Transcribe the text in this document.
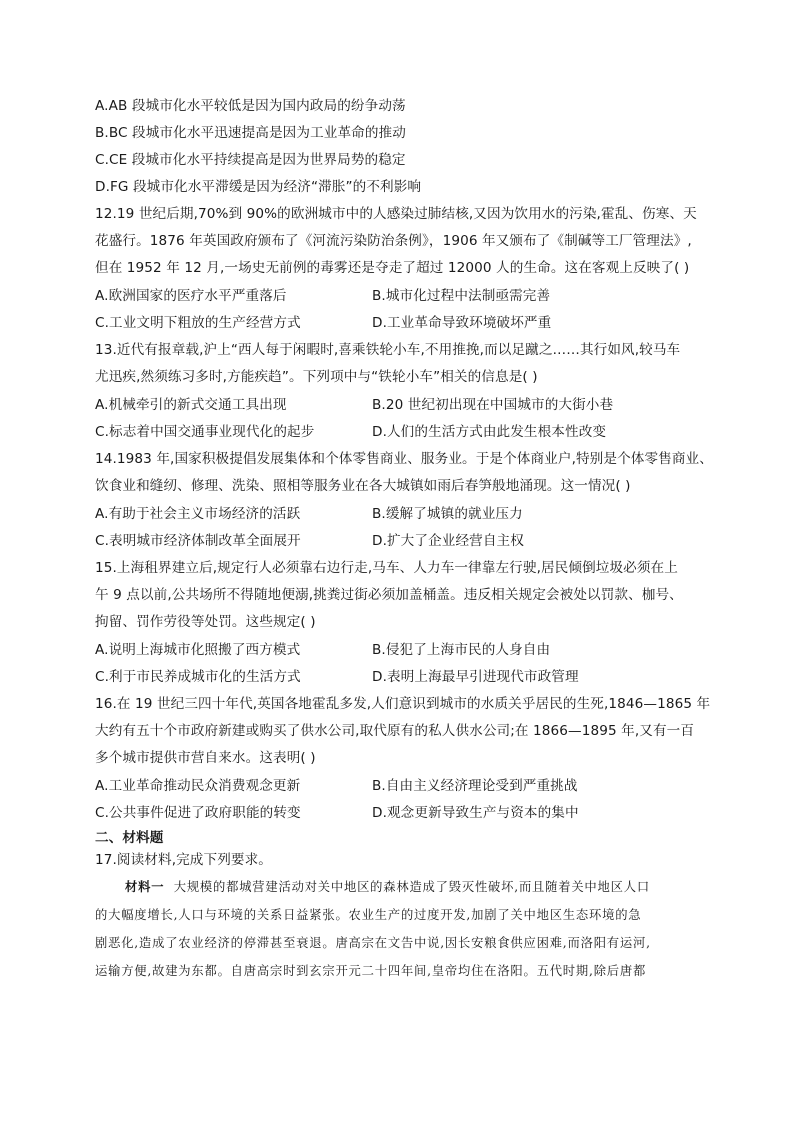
A.AB 段城市化水平较低是因为国内政局的纷争动荡
B.BC 段城市化水平迅速提高是因为工业革命的推动
C.CE 段城市化水平持续提高是因为世界局势的稳定
D.FG 段城市化水平滞缓是因为经济“滞胀”的不利影响
12.19 世纪后期,70%到 90%的欧洲城市中的人感染过肺结核,又因为饮用水的污染,霍乱、伤寒、天
花盛行。1876 年英国政府颁布了《河流污染防治条例》，1906 年又颁布了《制碱等工厂管理法》,
但在 1952 年 12 月,一场史无前例的毒雾还是夺走了超过 12000 人的生命。这在客观上反映了( )
A.欧洲国家的医疗水平严重落后	B.城市化过程中法制亟需完善
C.工业文明下粗放的生产经营方式	D.工业革命导致环境破坏严重
13.近代有报章载,沪上“西人每于闲暇时,喜乘铁轮小车,不用推挽,而以足蹴之……其行如风,较马车
尤迅疾,然须练习多时,方能疾趋”。下列项中与“铁轮小车”相关的信息是( )
A.机械牵引的新式交通工具出现	B.20 世纪初出现在中国城市的大街小巷
C.标志着中国交通事业现代化的起步	D.人们的生活方式由此发生根本性改变
14.1983 年,国家积极提倡发展集体和个体零售商业、服务业。于是个体商业户,特别是个体零售商业、
饮食业和缝纫、修理、洗染、照相等服务业在各大城镇如雨后春笋般地涌现。这一情况( )
A.有助于社会主义市场经济的活跃	B.缓解了城镇的就业压力
C.表明城市经济体制改革全面展开	D.扩大了企业经营自主权
15.上海租界建立后,规定行人必须靠右边行走,马车、人力车一律靠左行驶,居民倾倒垃圾必须在上
午 9 点以前,公共场所不得随地便溺,挑粪过街必须加盖桶盖。违反相关规定会被处以罚款、枷号、
拘留、罚作劳役等处罚。这些规定( )
A.说明上海城市化照搬了西方模式	B.侵犯了上海市民的人身自由
C.利于市民养成城市化的生活方式	D.表明上海最早引进现代市政管理
16.在 19 世纪三四十年代,英国各地霍乱多发,人们意识到城市的水质关乎居民的生死,1846—1865 年
大约有五十个市政府新建或购买了供水公司,取代原有的私人供水公司;在 1866—1895 年,又有一百
多个城市提供市营自来水。这表明( )
A.工业革命推动民众消费观念更新	B.自由主义经济理论受到严重挑战
C.公共事件促进了政府职能的转变	D.观念更新导致生产与资本的集中
二、材料题
17.阅读材料,完成下列要求。
材料一 大规模的都城营建活动对关中地区的森林造成了毁灭性破坏,而且随着关中地区人口
的大幅度增长,人口与环境的关系日益紧张。农业生产的过度开发,加剧了关中地区生态环境的急
剧恶化,造成了农业经济的停滞甚至衰退。唐高宗在文告中说,因长安粮食供应困难,而洛阳有运河,
运输方便,故建为东都。自唐高宗时到玄宗开元二十四年间,皇帝均住在洛阳。五代时期,除后唐都
